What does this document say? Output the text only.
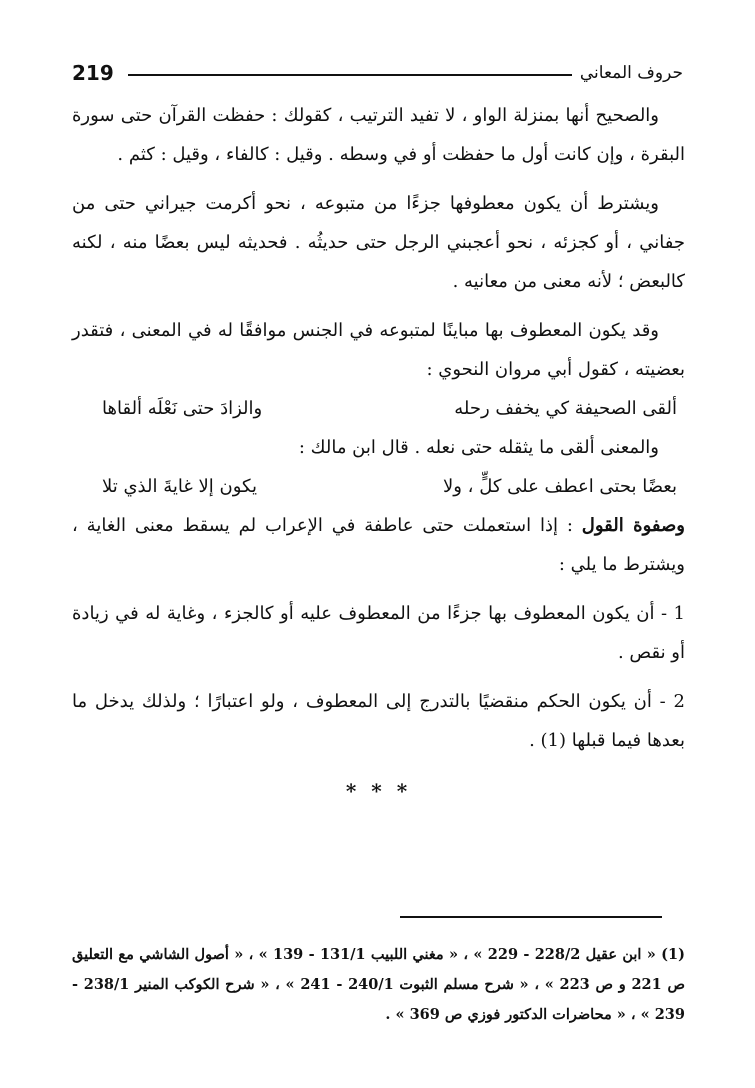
219	حروف المعاني

والصحيح أنها بمنزلة الواو ، لا تفيد الترتيب ، كقولك : حفظت القرآن حتى سورة البقرة ، وإن كانت أول ما حفظت أو في وسطه . وقيل : كالفاء ، وقيل : كثم .

ويشترط أن يكون معطوفها جزءًا من متبوعه ، نحو أكرمت جيراني حتى من جفاني ، أو كجزئه ، نحو أعجبني الرجل حتى حديثُه . فحديثه ليس بعضًا منه ، لكنه كالبعض ؛ لأنه معنى من معانيه .

وقد يكون المعطوف بها مباينًا لمتبوعه في الجنس موافقًا له في المعنى ، فتقدر بعضيته ، كقول أبي مروان النحوي :

ألقى الصحيفة كي يخفف رحله
والزادَ حتى نَعْلَه ألقاها

والمعنى ألقى ما يثقله حتى نعله . قال ابن مالك :

بعضًا بحتى اعطف على كلٍّ ، ولا
يكون إلا غايةَ الذي تلا

وصفوة القول : إذا استعملت حتى عاطفة في الإعراب لم يسقط معنى الغاية ، ويشترط ما يلي :

1 - أن يكون المعطوف بها جزءًا من المعطوف عليه أو كالجزء ، وغاية له في زيادة أو نقص .

2 - أن يكون الحكم منقضيًا بالتدرج إلى المعطوف ، ولو اعتبارًا ؛ ولذلك يدخل ما بعدها فيما قبلها (1) .

* * *
(1) « ابن عقيل 228/2 - 229 » ، « مغني اللبيب 131/1 - 139 » ، « أصول الشاشي مع التعليق ص 221 و ص 223 » ، « شرح مسلم الثبوت 240/1 - 241 » ، « شرح الكوكب المنير 238/1 - 239 » ، « محاضرات الدكتور فوزي ص 369 » .
